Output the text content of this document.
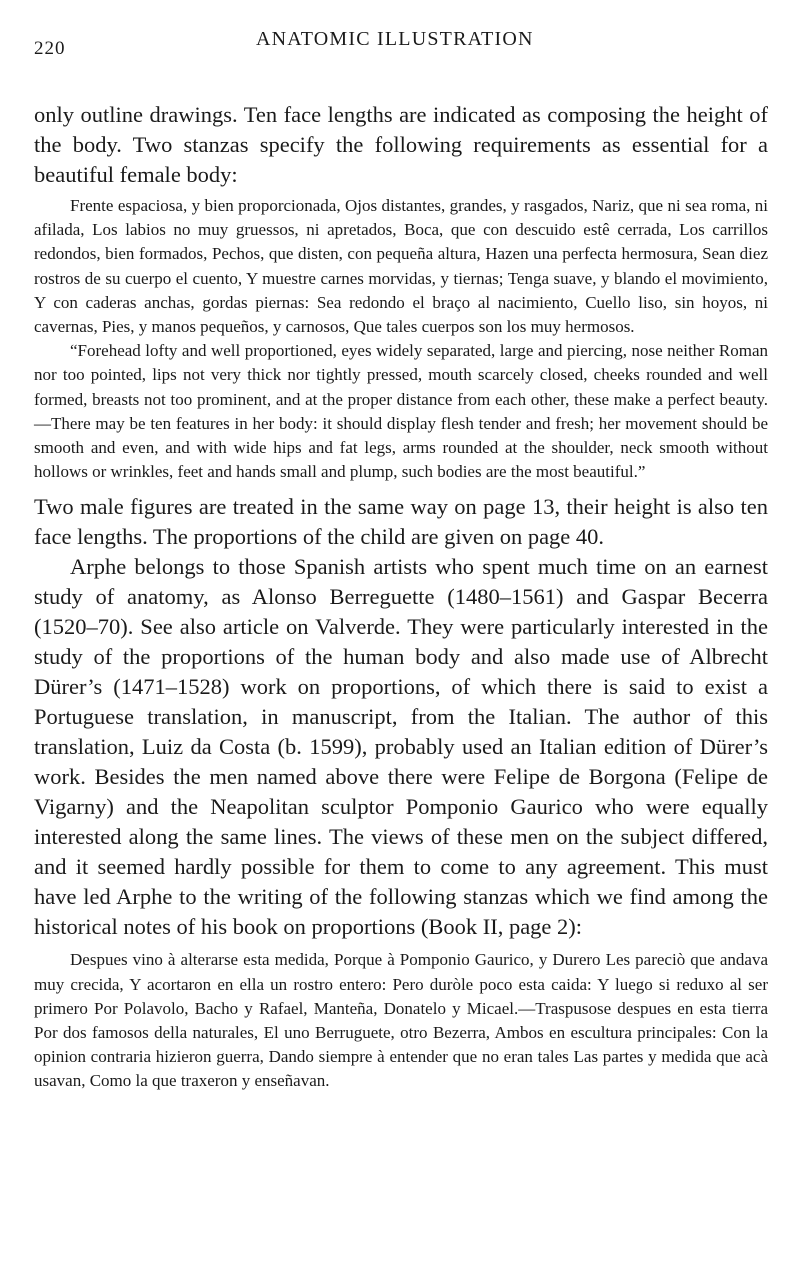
220	ANATOMIC ILLUSTRATION

only outline drawings. Ten face lengths are indicated as composing the height of the body. Two stanzas specify the following requirements as essential for a beautiful female body:

Frente espaciosa, y bien proporcionada, Ojos distantes, grandes, y rasgados, Nariz, que ni sea roma, ni afilada, Los labios no muy gruessos, ni apretados, Boca, que con descuido estê cerrada, Los carrillos redondos, bien formados, Pechos, que disten, con pequeña altura, Hazen una perfecta hermosura, Sean diez rostros de su cuerpo el cuento, Y muestre carnes morvidas, y tiernas; Tenga suave, y blando el movimiento, Y con caderas anchas, gordas piernas: Sea redondo el braço al nacimiento, Cuello liso, sin hoyos, ni cavernas, Pies, y manos pequeños, y carnosos, Que tales cuerpos son los muy hermosos.

“Forehead lofty and well proportioned, eyes widely separated, large and piercing, nose neither Roman nor too pointed, lips not very thick nor tightly pressed, mouth scarcely closed, cheeks rounded and well formed, breasts not too prominent, and at the proper distance from each other, these make a perfect beauty.—There may be ten features in her body: it should display flesh tender and fresh; her movement should be smooth and even, and with wide hips and fat legs, arms rounded at the shoulder, neck smooth without hollows or wrinkles, feet and hands small and plump, such bodies are the most beautiful.”

Two male figures are treated in the same way on page 13, their height is also ten face lengths. The proportions of the child are given on page 40.

Arphe belongs to those Spanish artists who spent much time on an earnest study of anatomy, as Alonso Berreguette (1480–1561) and Gaspar Becerra (1520–70). See also article on Valverde. They were particularly interested in the study of the proportions of the human body and also made use of Albrecht Dürer’s (1471–1528) work on proportions, of which there is said to exist a Portuguese translation, in manuscript, from the Italian. The author of this translation, Luiz da Costa (b. 1599), probably used an Italian edition of Dürer’s work. Besides the men named above there were Felipe de Borgona (Felipe de Vigarny) and the Neapolitan sculptor Pomponio Gaurico who were equally interested along the same lines. The views of these men on the subject differed, and it seemed hardly possible for them to come to any agreement. This must have led Arphe to the writing of the following stanzas which we find among the historical notes of his book on proportions (Book II, page 2):

Despues vino à alterarse esta medida, Porque à Pomponio Gaurico, y Durero Les pareciò que andava muy crecida, Y acortaron en ella un rostro entero: Pero duròle poco esta caida: Y luego si reduxo al ser primero Por Polavolo, Bacho y Rafael, Manteña, Donatelo y Micael.—Traspusose despues en esta tierra Por dos famosos della naturales, El uno Berruguete, otro Bezerra, Ambos en escultura principales: Con la opinion contraria hizieron guerra, Dando siempre à entender que no eran tales Las partes y medida que acà usavan, Como la que traxeron y enseñavan.
